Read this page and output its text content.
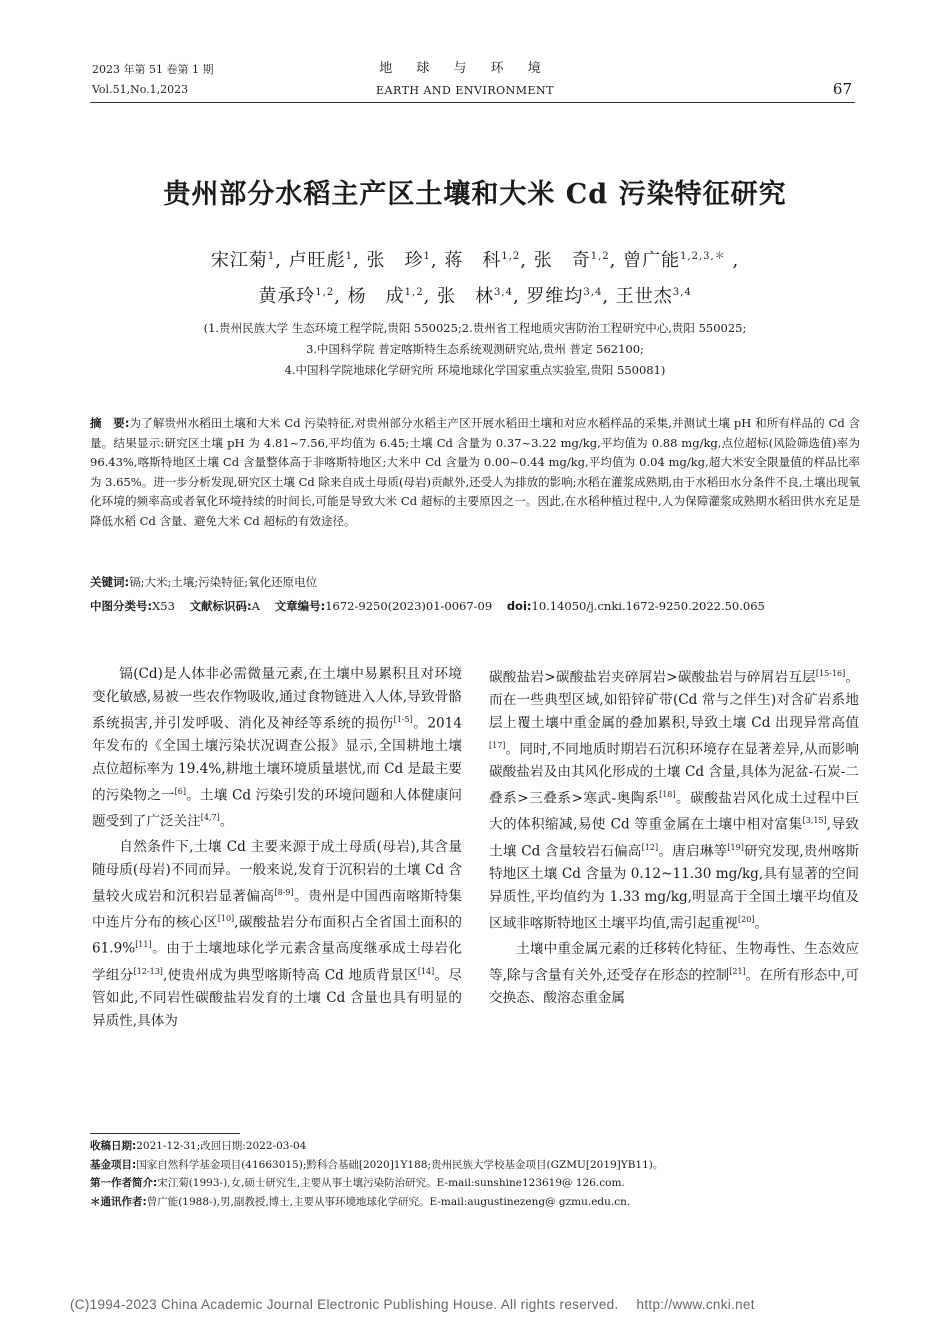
2023 年第 51 卷第 1 期
Vol.51,No.1,2023
地 球 与 环 境
EARTH AND ENVIRONMENT	67
贵州部分水稻主产区土壤和大米 Cd 污染特征研究
宋江菊$^1$, 卢旺彪$^1$, 张　珍$^1$, 蒋　科$^{1,2}$, 张　奇$^{1,2}$, 曾广能$^{1,2,3,*}$ ,
黄承玲$^{1,2}$, 杨　成$^{1,2}$, 张　林$^{3,4}$, 罗维均$^{3,4}$, 王世杰$^{3,4}$
(1.贵州民族大学 生态环境工程学院,贵阳 550025;2.贵州省工程地质灾害防治工程研究中心,贵阳 550025;
3.中国科学院 普定喀斯特生态系统观测研究站,贵州 普定 562100;
4.中国科学院地球化学研究所 环境地球化学国家重点实验室,贵阳 550081)
摘　要:为了解贵州水稻田土壤和大米 Cd 污染特征,对贵州部分水稻主产区开展水稻田土壤和对应水稻样品的采集,并测试土壤 pH 和所有样品的 Cd 含量。结果显示:研究区土壤 pH 为 4.81~7.56,平均值为 6.45;土壤 Cd 含量为 0.37~3.22 mg/kg,平均值为 0.88 mg/kg,点位超标(风险筛选值)率为 96.43%,喀斯特地区土壤 Cd 含量整体高于非喀斯特地区;大米中 Cd 含量为 0.00~0.44 mg/kg,平均值为 0.04 mg/kg,超大米安全限量值的样品比率为 3.65%。进一步分析发现,研究区土壤 Cd 除来自成土母质(母岩)贡献外,还受人为排放的影响;水稻在灌浆成熟期,由于水稻田水分条件不良,土壤出现氧化环境的频率高或者氧化环境持续的时间长,可能是导致大米 Cd 超标的主要原因之一。因此,在水稻种植过程中,人为保障灌浆成熟期水稻田供水充足是降低水稻 Cd 含量、避免大米 Cd 超标的有效途径。
关键词:镉;大米;土壤;污染特征;氧化还原电位
中图分类号:X53 文献标识码:A 文章编号:1672-9250(2023)01-0067-09 doi:10.14050/j.cnki.1672-9250.2022.50.065

镉(Cd)是人体非必需微量元素,在土壤中易累积且对环境变化敏感,易被一些农作物吸收,通过食物链进入人体,导致骨骼系统损害,并引发呼吸、消化及神经等系统的损伤[1-5]。2014 年发布的《全国土壤污染状况调查公报》显示,全国耕地土壤点位超标率为 19.4%,耕地土壤环境质量堪忧,而 Cd 是最主要的污染物之一[6]。土壤 Cd 污染引发的环境问题和人体健康问题受到了广泛关注[4,7]。

自然条件下,土壤 Cd 主要来源于成土母质(母岩),其含量随母质(母岩)不同而异。一般来说,发育于沉积岩的土壤 Cd 含量较火成岩和沉积岩显著偏高[8-9]。贵州是中国西南喀斯特集中连片分布的核心区[10],碳酸盐岩分布面积占全省国土面积的 61.9%[11]。由于土壤地球化学元素含量高度继承成土母岩化学组分[12-13],使贵州成为典型喀斯特高 Cd 地质背景区[14]。尽管如此,不同岩性碳酸盐岩发育的土壤 Cd 含量也具有明显的异质性,具体为

碳酸盐岩>碳酸盐岩夹碎屑岩>碳酸盐岩与碎屑岩互层[15-16]。而在一些典型区域,如铅锌矿带(Cd 常与之伴生)对含矿岩系地层上覆土壤中重金属的叠加累积,导致土壤 Cd 出现异常高值[17]。同时,不同地质时期岩石沉积环境存在显著差异,从而影响碳酸盐岩及由其风化形成的土壤 Cd 含量,具体为泥盆-石炭-二叠系>三叠系>寒武-奥陶系[18]。碳酸盐岩风化成土过程中巨大的体积缩减,易使 Cd 等重金属在土壤中相对富集[3,15],导致土壤 Cd 含量较岩石偏高[12]。唐启琳等[19]研究发现,贵州喀斯特地区土壤 Cd 含量为 0.12~11.30 mg/kg,具有显著的空间异质性,平均值约为 1.33 mg/kg,明显高于全国土壤平均值及区域非喀斯特地区土壤平均值,需引起重视[20]。

土壤中重金属元素的迁移转化特征、生物毒性、生态效应等,除与含量有关外,还受存在形态的控制[21]。在所有形态中,可交换态、酸溶态重金属

收稿日期:2021-12-31;改回日期:2022-03-04
基金项目:国家自然科学基金项目(41663015);黔科合基础[2020]1Y188;贵州民族大学校基金项目(GZMU[2019]YB11)。
第一作者简介:宋江菊(1993-),女,硕士研究生,主要从事土壤污染防治研究。E-mail:sunshine123619@ 126.com.
＊通讯作者:曾广能(1988-),男,副教授,博士,主要从事环境地球化学研究。E-mail:augustinezeng@ gzmu.edu.cn.
(C)1994-2023 China Academic Journal Electronic Publishing House. All rights reserved. http://www.cnki.net
